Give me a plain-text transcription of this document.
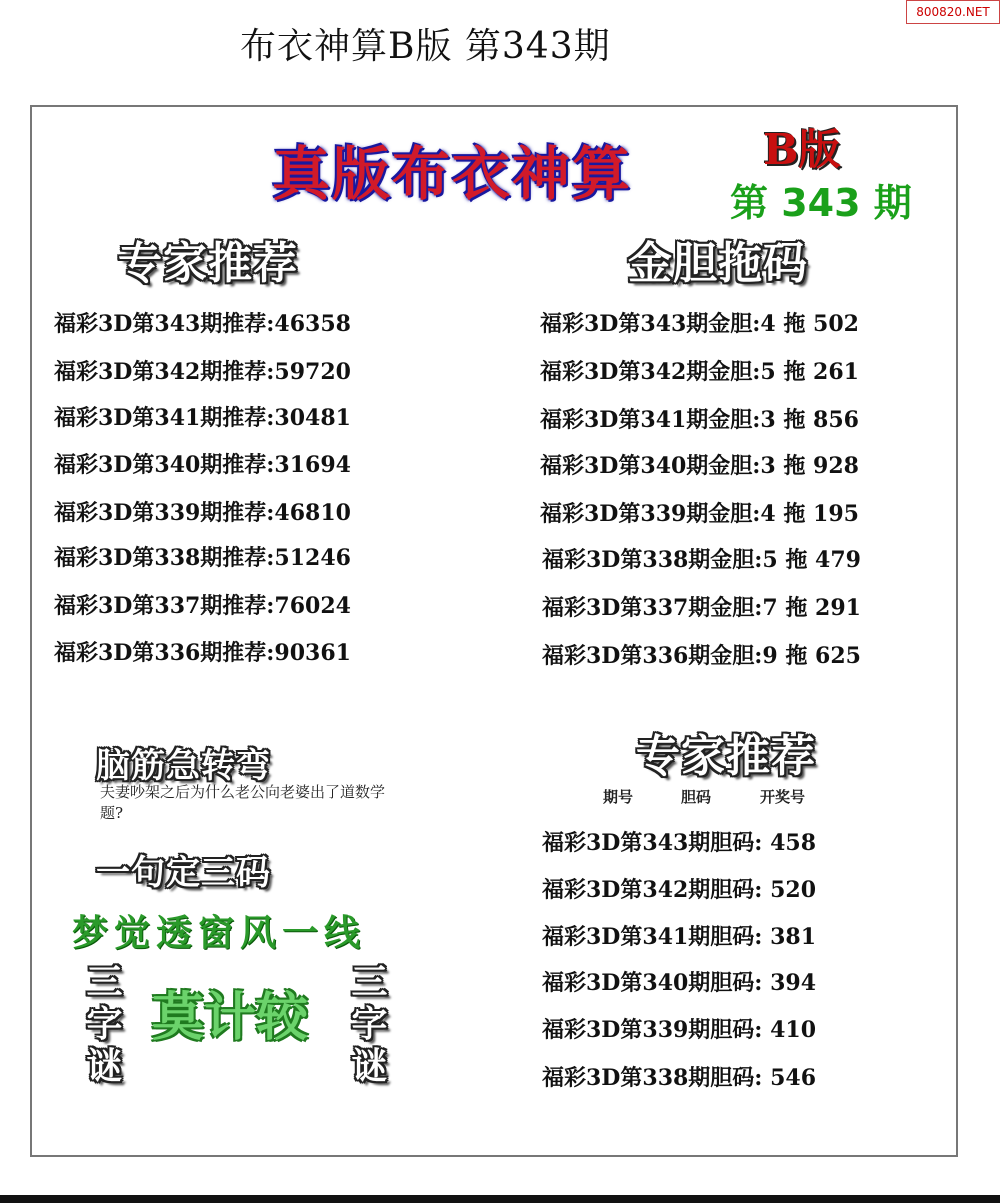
布衣神算B版 第343期
800820.NET
真版布衣神算	B版
第 343 期
专家推荐	金胆拖码
福彩3D第343期推荐:46358
福彩3D第342期推荐:59720
福彩3D第341期推荐:30481
福彩3D第340期推荐:31694
福彩3D第339期推荐:46810
福彩3D第338期推荐:51246
福彩3D第337期推荐:76024
福彩3D第336期推荐:90361
福彩3D第343期金胆:4 拖 502
福彩3D第342期金胆:5 拖 261
福彩3D第341期金胆:3 拖 856
福彩3D第340期金胆:3 拖 928
福彩3D第339期金胆:4 拖 195
福彩3D第338期金胆:5 拖 479
福彩3D第337期金胆:7 拖 291
福彩3D第336期金胆:9 拖 625
脑筋急转弯
夫妻吵架之后为什么老公向老婆出了道数学题?
专家推荐
期号	胆码	开奖号
福彩3D第343期胆码: 458
福彩3D第342期胆码: 520
福彩3D第341期胆码: 381
福彩3D第340期胆码: 394
福彩3D第339期胆码: 410
福彩3D第338期胆码: 546
一句定三码
梦觉透窗风一线
三字谜
莫计较
三字谜
